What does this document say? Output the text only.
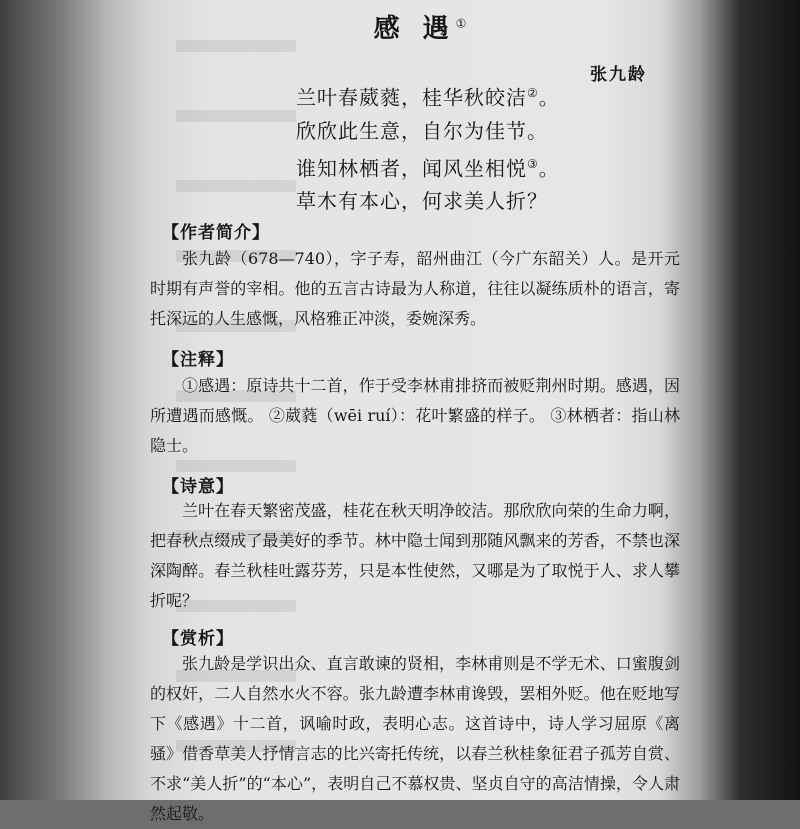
感 遇①
张九龄
兰叶春葳蕤，桂华秋皎洁②。
欣欣此生意，自尔为佳节。
谁知林栖者，闻风坐相悦③。
草木有本心，何求美人折？
【作者简介】

张九龄（678—740），字子寿，韶州曲江（今广东韶关）人。是开元时期有声誉的宰相。他的五言古诗最为人称道，往往以凝练质朴的语言，寄托深远的人生感慨，风格雅正冲淡，委婉深秀。

【注释】

①感遇：原诗共十二首，作于受李林甫排挤而被贬荆州时期。感遇，因所遭遇而感慨。 ②葳蕤（wēi ruí）：花叶繁盛的样子。 ③林栖者：指山林隐士。

【诗意】

兰叶在春天繁密茂盛，桂花在秋天明净皎洁。那欣欣向荣的生命力啊，把春秋点缀成了最美好的季节。林中隐士闻到那随风飘来的芳香，不禁也深深陶醉。春兰秋桂吐露芬芳，只是本性使然，又哪是为了取悦于人、求人攀折呢？

【赏析】

张九龄是学识出众、直言敢谏的贤相，李林甫则是不学无术、口蜜腹剑的权奸，二人自然水火不容。张九龄遭李林甫谗毁，罢相外贬。他在贬地写下《感遇》十二首，讽喻时政，表明心志。这首诗中，诗人学习屈原《离骚》借香草美人抒情言志的比兴寄托传统，以春兰秋桂象征君子孤芳自赏、不求“美人折”的“本心”，表明自己不慕权贵、坚贞自守的高洁情操，令人肃然起敬。
